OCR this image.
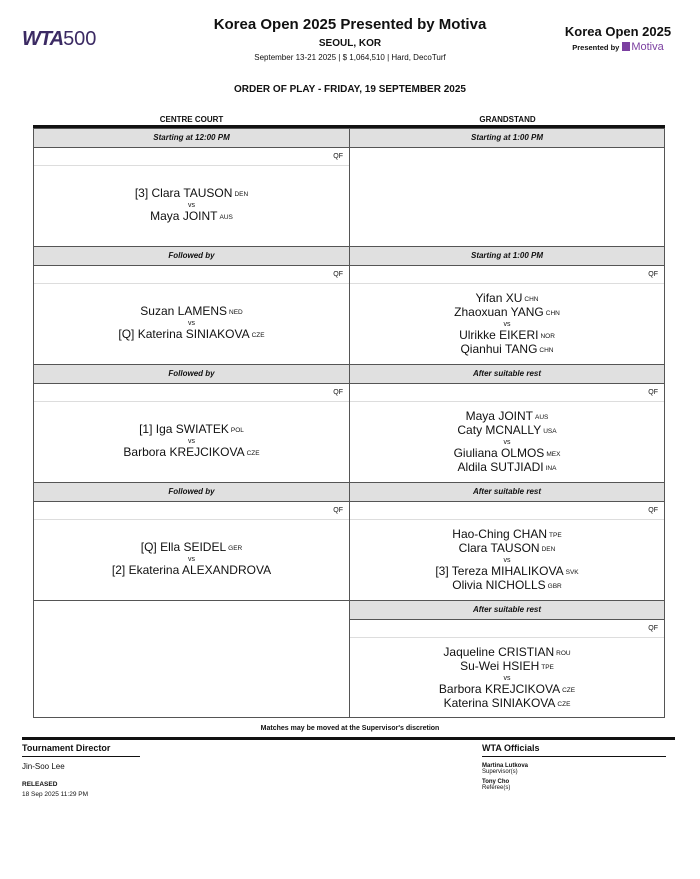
WTA500
Korea Open 2025 Presented by Motiva
SEOUL, KOR
September 13-21 2025 | $ 1,064,510 | Hard, DecoTurf
Korea Open 2025
Presented by Motiva
ORDER OF PLAY - FRIDAY, 19 SEPTEMBER 2025
CENTRE COURT	GRANDSTAND
Starting at 12:00 PM
QF
[3] Clara TAUSON DEN
vs
Maya JOINT AUS
Followed by
QF
Suzan LAMENS NED
vs
[Q] Katerina SINIAKOVA CZE
Followed by
QF
[1] Iga SWIATEK POL
vs
Barbora KREJCIKOVA CZE
Followed by
QF
[Q] Ella SEIDEL GER
vs
[2] Ekaterina ALEXANDROVA
Starting at 1:00 PM
Starting at 1:00 PM
QF
Yifan XU CHN
Zhaoxuan YANG CHN
vs
Ulrikke EIKERI NOR
Qianhui TANG CHN
After suitable rest
QF
Maya JOINT AUS
Caty MCNALLY USA
vs
Giuliana OLMOS MEX
Aldila SUTJIADI INA
After suitable rest
QF
Hao-Ching CHAN TPE
Clara TAUSON DEN
vs
[3] Tereza MIHALIKOVA SVK
Olivia NICHOLLS GBR
After suitable rest
QF
Jaqueline CRISTIAN ROU
Su-Wei HSIEH TPE
vs
Barbora KREJCIKOVA CZE
Katerina SINIAKOVA CZE
Matches may be moved at the Supervisor's discretion
Tournament Director
Jin-Soo Lee
RELEASED
18 Sep 2025 11:29 PM
WTA Officials
Martina Lutkova
Supervisor(s)
Tony Cho
Referee(s)
